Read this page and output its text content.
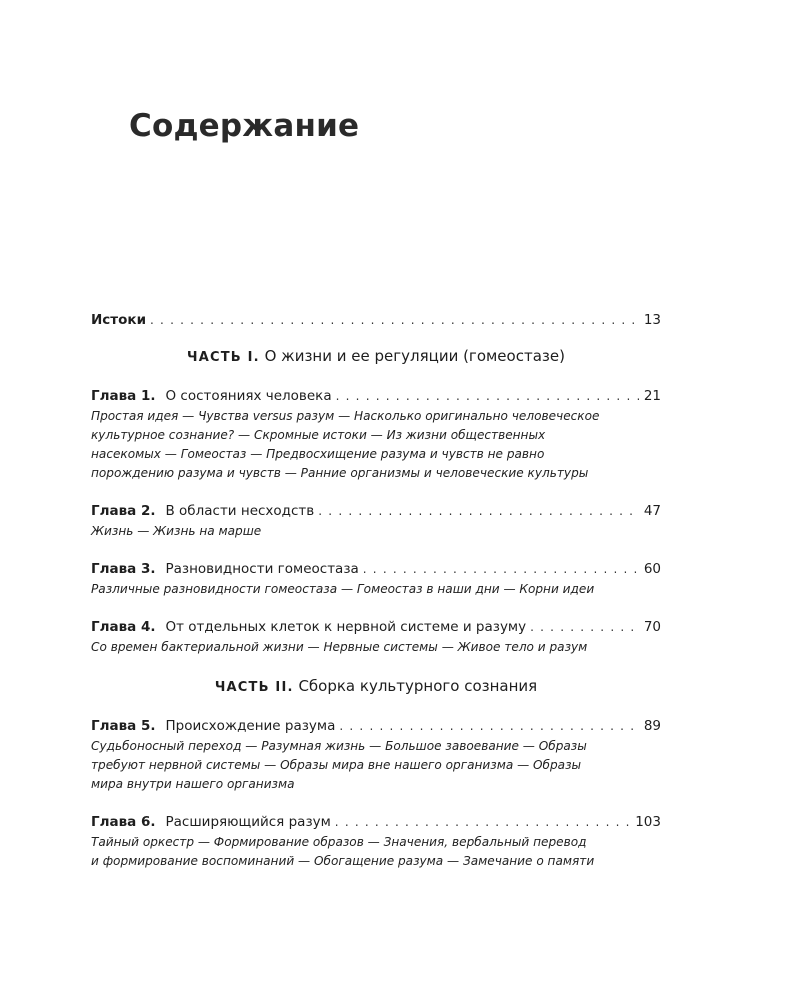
Содержание
Истоки . . .	13
ЧАСТЬ I. О жизни и ее регуляции (гомеостазе)
Глава 1. О состояниях человека . . .	21
Простая идея — Чувства versus разум — Насколько оригинально человеческое
культурное сознание? — Скромные истоки — Из жизни общественных
насекомых — Гомеостаз — Предвосхищение разума и чувств не равно
порождению разума и чувств — Ранние организмы и человеческие культуры
Глава 2. В области несходств . . .	47
Жизнь — Жизнь на марше
Глава 3. Разновидности гомеостаза . . .	60
Различные разновидности гомеостаза — Гомеостаз в наши дни — Корни идеи
Глава 4. От отдельных клеток к нервной системе и разуму . . .	70
Со времен бактериальной жизни — Нервные системы — Живое тело и разум
ЧАСТЬ II. Сборка культурного сознания
Глава 5. Происхождение разума . . .	89
Судьбоносный переход — Разумная жизнь — Большое завоевание — Образы
требуют нервной системы — Образы мира вне нашего организма — Образы
мира внутри нашего организма
Глава 6. Расширяющийся разум . . .	103
Тайный оркестр — Формирование образов — Значения, вербальный перевод
и формирование воспоминаний — Обогащение разума — Замечание о памяти
